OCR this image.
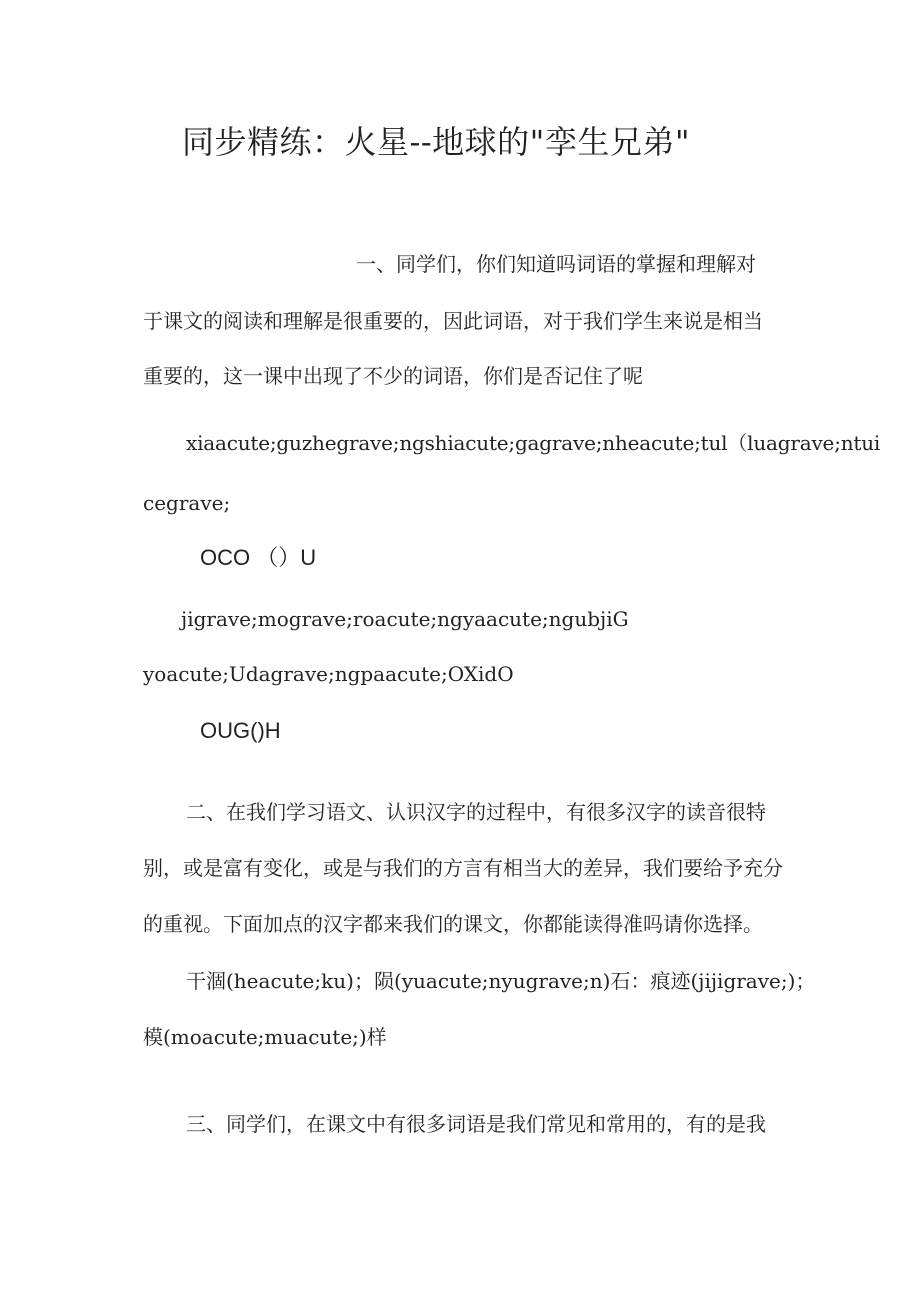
同步精练：火星--地球的"孪生兄弟"
一、同学们，你们知道吗词语的掌握和理解对
于课文的阅读和理解是很重要的，因此词语，对于我们学生来说是相当
重要的，这一课中出现了不少的词语，你们是否记住了呢
xiaacute;guzhegrave;ngshiacute;gagrave;nheacute;tul（luagrave;ntui
cegrave;
OCO （）U
jigrave;mograve;roacute;ngyaacute;ngubjiG
yoacute;Udagrave;ngpaacute;OXidO
OUG()H
二、在我们学习语文、认识汉字的过程中，有很多汉字的读音很特
别，或是富有变化，或是与我们的方言有相当大的差异，我们要给予充分
的重视。下面加点的汉字都来我们的课文，你都能读得准吗请你选择。
干涸(heacute;ku)；陨(yuacute;nyugrave;n)石：痕迹(jijigrave;)；
模(moacute;muacute;)样
三、同学们，在课文中有很多词语是我们常见和常用的，有的是我
